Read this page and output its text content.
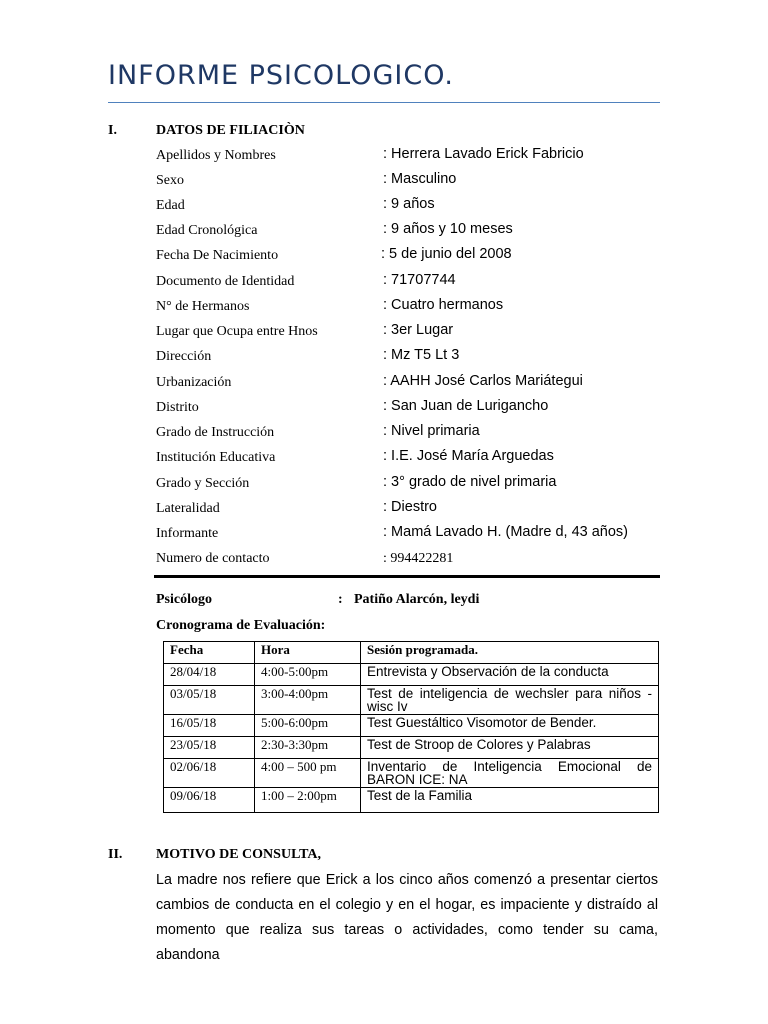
INFORME PSICOLOGICO.
I.	DATOS DE FILIACIÒN
Apellidos y Nombres	: Herrera Lavado Erick Fabricio
Sexo	: Masculino
Edad	: 9 años
Edad Cronológica	: 9 años y 10 meses
Fecha De Nacimiento	: 5 de junio del 2008
Documento de Identidad	: 71707744
N° de Hermanos	: Cuatro hermanos
Lugar que Ocupa entre Hnos	: 3er Lugar
Dirección	: Mz T5 Lt 3
Urbanización	: AAHH José Carlos Mariátegui
Distrito	: San Juan de Lurigancho
Grado de Instrucción	: Nivel primaria
Institución Educativa	: I.E. José María Arguedas
Grado y Sección	: 3° grado de nivel primaria
Lateralidad	: Diestro
Informante	: Mamá Lavado H. (Madre d, 43 años)
Numero de contacto	: 994422281
Psicólogo	: Patiño Alarcón, leydi
Cronograma de Evaluación:
Fecha	Hora	Sesión programada.
28/04/18	4:00-5:00pm	Entrevista y Observación de la conducta
03/05/18	3:00-4:00pm	Test de inteligencia de wechsler para niños - wisc Iv
16/05/18	5:00-6:00pm	Test Guestáltico Visomotor de Bender.
23/05/18	2:30-3:30pm	Test de Stroop de Colores y Palabras
02/06/18	4:00 – 500 pm	Inventario de Inteligencia Emocional de BARON ICE: NA
09/06/18	1:00 – 2:00pm	Test de la Familia
II. MOTIVO DE CONSULTA,

La madre nos refiere que Erick a los cinco años comenzó a presentar ciertos cambios de conducta en el colegio y en el hogar, es impaciente y distraído al momento que realiza sus tareas o actividades, como tender su cama, abandona
